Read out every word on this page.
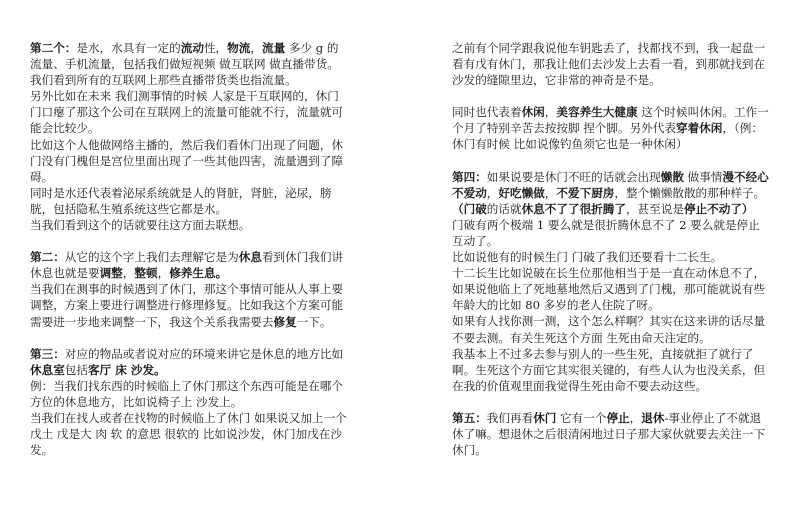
第二个：是水，水具有一定的流动性，物流，流量 多少 g 的流量、手机流量，包括我们做短视频 做互联网 做直播带货。我们看到所有的互联网上那些直播带货类也指流量。

另外比如在未来 我们测事情的时候 人家是干互联网的，休门门口瘪了那这个公司在互联网上的流量可能就不行，流量就可能会比较少。

比如这个人他做网络主播的，然后我们看休门出现了问题，休门没有门槐但是宫位里面出现了一些其他四害，流量遇到了障碍。

同时是水还代表着泌尿系统就是人的肾脏，肾脏，泌尿，膀胱，包括隐私生殖系统这些它都是水。

当我们看到这个的话就要往这方面去联想。

第二：从它的这个字上我们去理解它是为休息看到休门我们讲休息也就是要调整，整顿，修养生息。

当我们在测事的时候遇到了休门，那这个事情可能从人事上要调整，方案上要进行调整进行修理修复。比如我这个方案可能需要进一步地来调整一下，我这个关系我需要去修复一下。

第三：对应的物品或者说对应的环境来讲它是休息的地方比如休息室包括客厅 床 沙发。

例：当我们找东西的时候临上了休门那这个东西可能是在哪个方位的休息地方，比如说椅子上 沙发上。

当我们在找人或者在找物的时候临上了休门 如果说又加上一个戊土 戊是大 肉 软 的意思 很软的 比如说沙发，休门加戊在沙发。

之前有个同学跟我说他车钥匙丢了，找都找不到，我一起盘一看有戊有休门，那我让他们去沙发上去看一看，到那就找到在沙发的缝隙里边，它非常的神奇是不是。

同时也代表着休闲，美容养生大健康 这个时候叫休闲。工作一个月了特别辛苦去按按脚 捏个脚。另外代表穿着休闲，（例：休门有时候 比如说像钓鱼须它也是一种休闲）

第四：如果说要是休门不旺的话就会出现懒散 做事情漫不经心 不爱动，好吃懒做，不爱下厨房，整个懒懒散散的那种样子。

（门破的话就休息不了了很折腾了，甚至说是停止不动了）

门破有两个极端 1 要么就是很折腾休息不了 2 要么就是停止互动了。

比如说他有的时候生门 门破了我们还要看十二长生。

十二长生比如说破在长生位那他相当于是一直在动休息不了， 如果说他临上了死地墓地然后又遇到了门槐，那可能就说有些年龄大的比如 80 多岁的老人住院了呀。

如果有人找你测一测，这个怎么样啊？其实在这来讲的话尽量不要去测。有关生死这个方面 生死由命天注定的。

我基本上不过多去参与别人的一些生死，直接就拒了就行了啊。生死这个方面它其实很关键的，有些人认为也没关系，但在我的价值观里面我觉得生死由命不要去动这些。

第五：我们再看休门 它有一个停止，退休-事业停止了不就退休了嘛。想退休之后很清闲地过日子那大家伙就要去关注一下休门。
